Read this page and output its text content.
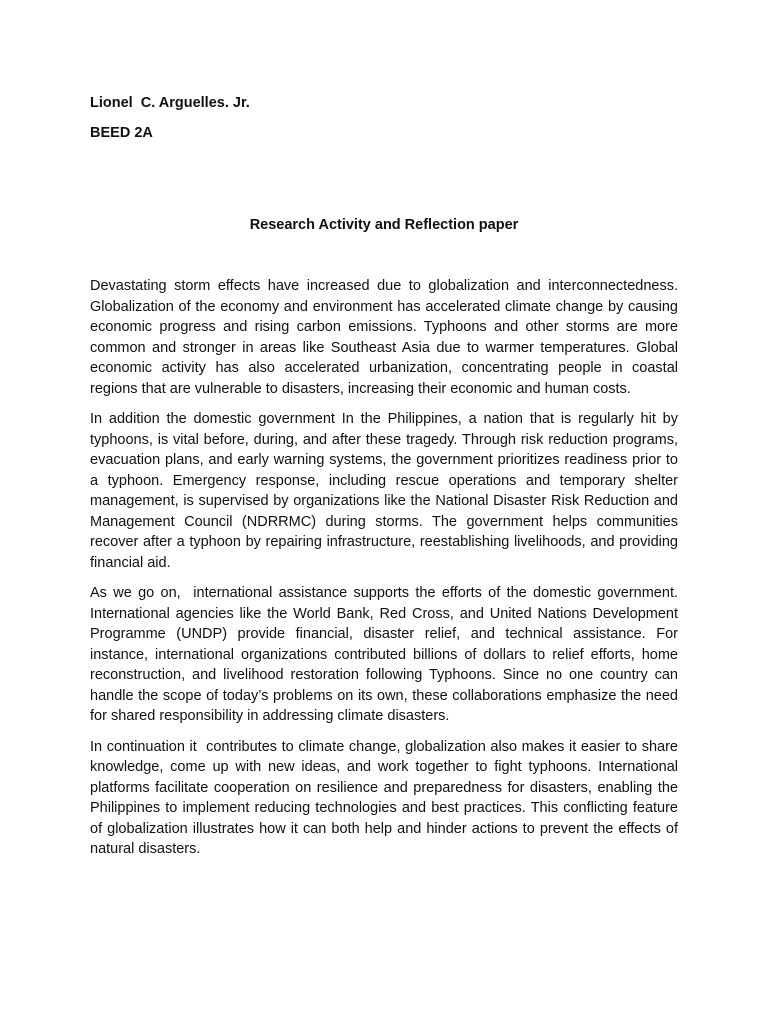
Lionel  C. Arguelles. Jr.
BEED 2A
Research Activity and Reflection paper

Devastating storm effects have increased due to globalization and interconnectedness. Globalization of the economy and environment has accelerated climate change by causing economic progress and rising carbon emissions. Typhoons and other storms are more common and stronger in areas like Southeast Asia due to warmer temperatures. Global economic activity has also accelerated urbanization, concentrating people in coastal regions that are vulnerable to disasters, increasing their economic and human costs.

In addition the domestic government In the Philippines, a nation that is regularly hit by typhoons, is vital before, during, and after these tragedy. Through risk reduction programs, evacuation plans, and early warning systems, the government prioritizes readiness prior to a typhoon. Emergency response, including rescue operations and temporary shelter management, is supervised by organizations like the National Disaster Risk Reduction and Management Council (NDRRMC) during storms. The government helps communities recover after a typhoon by repairing infrastructure, reestablishing livelihoods, and providing financial aid.

As we go on,  international assistance supports the efforts of the domestic government. International agencies like the World Bank, Red Cross, and United Nations Development Programme (UNDP) provide financial, disaster relief, and technical assistance. For instance, international organizations contributed billions of dollars to relief efforts, home reconstruction, and livelihood restoration following Typhoons. Since no one country can handle the scope of today’s problems on its own, these collaborations emphasize the need for shared responsibility in addressing climate disasters.

In continuation it  contributes to climate change, globalization also makes it easier to share knowledge, come up with new ideas, and work together to fight typhoons. International platforms facilitate cooperation on resilience and preparedness for disasters, enabling the Philippines to implement reducing technologies and best practices. This conflicting feature of globalization illustrates how it can both help and hinder actions to prevent the effects of natural disasters.
